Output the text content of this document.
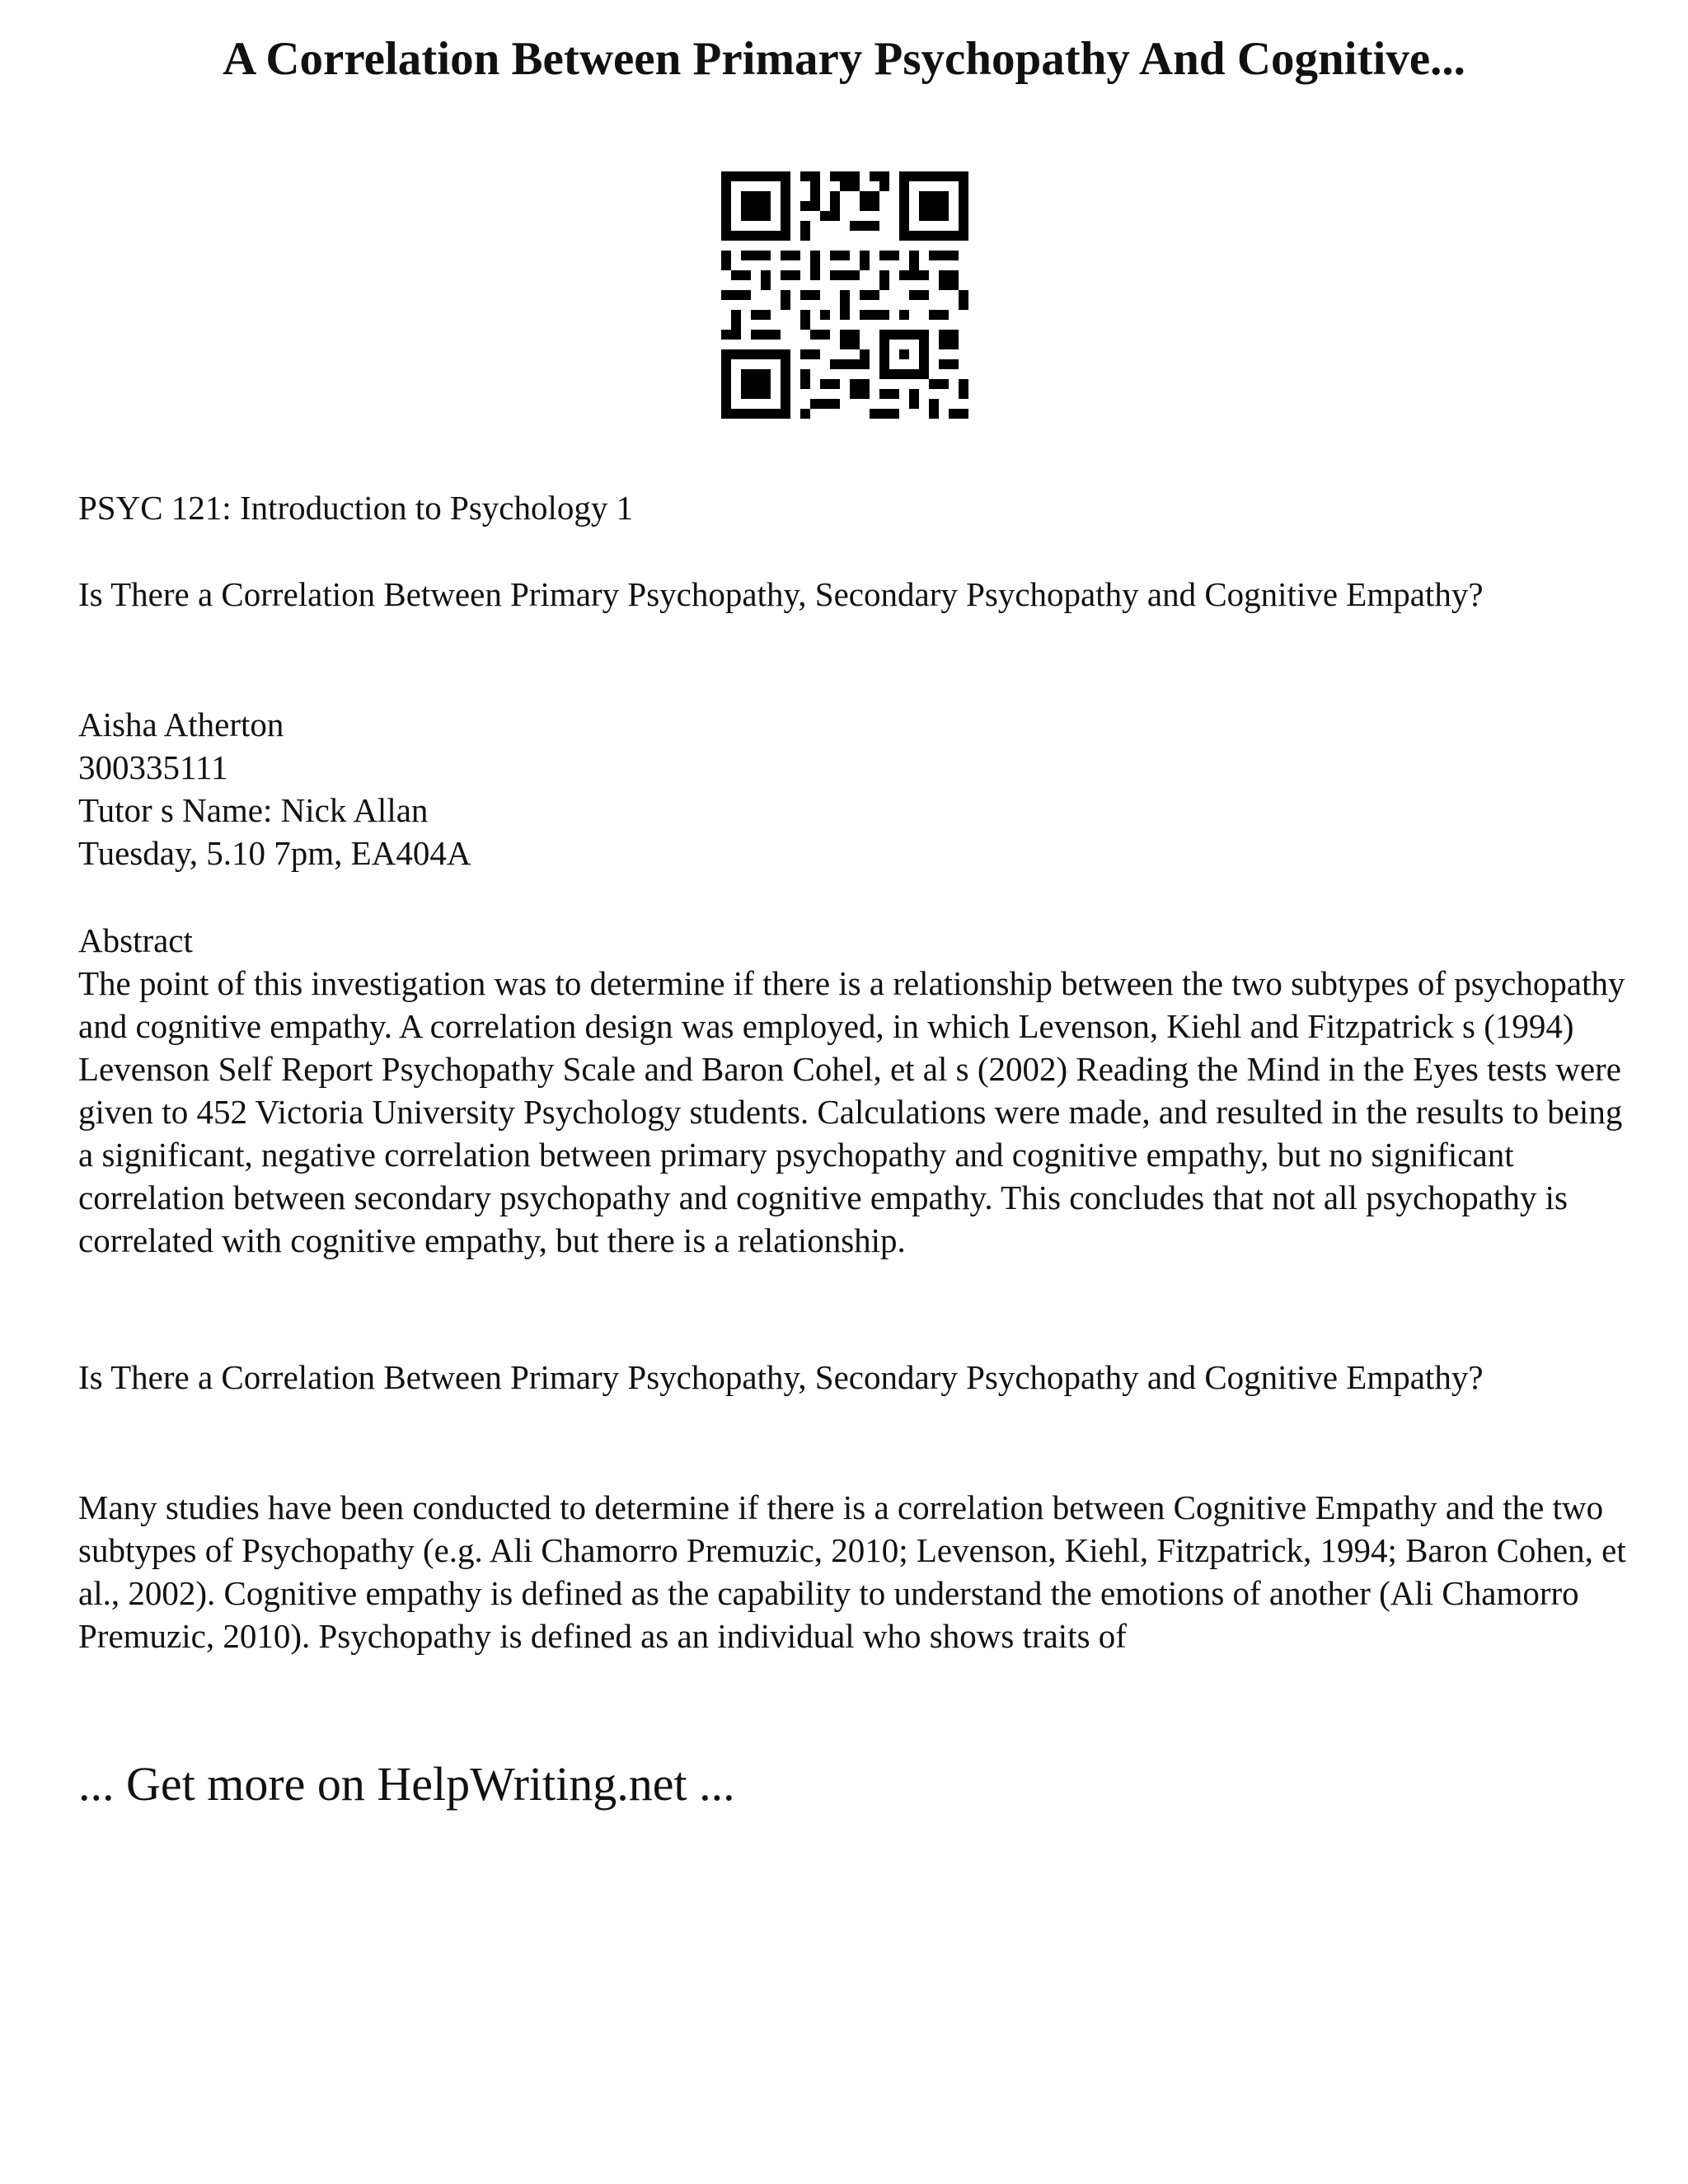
A Correlation Between Primary Psychopathy And Cognitive...

PSYC 121: Introduction to Psychology 1

Is There a Correlation Between Primary Psychopathy, Secondary Psychopathy and Cognitive Empathy?

Aisha Atherton
300335111
Tutor s Name: Nick Allan
Tuesday, 5.10 7pm, EA404A

Abstract

The point of this investigation was to determine if there is a relationship between the two subtypes of psychopathy and cognitive empathy. A correlation design was employed, in which Levenson, Kiehl and Fitzpatrick s (1994) Levenson Self Report Psychopathy Scale and Baron Cohel, et al s (2002) Reading the Mind in the Eyes tests were given to 452 Victoria University Psychology students. Calculations were made, and resulted in the results to being a significant, negative correlation between primary psychopathy and cognitive empathy, but no significant correlation between secondary psychopathy and cognitive empathy. This concludes that not all psychopathy is correlated with cognitive empathy, but there is a relationship.

Is There a Correlation Between Primary Psychopathy, Secondary Psychopathy and Cognitive Empathy?

Many studies have been conducted to determine if there is a correlation between Cognitive Empathy and the two subtypes of Psychopathy (e.g. Ali Chamorro Premuzic, 2010; Levenson, Kiehl, Fitzpatrick, 1994; Baron Cohen, et al., 2002). Cognitive empathy is defined as the capability to understand the emotions of another (Ali Chamorro Premuzic, 2010). Psychopathy is defined as an individual who shows traits of

... Get more on HelpWriting.net ...
